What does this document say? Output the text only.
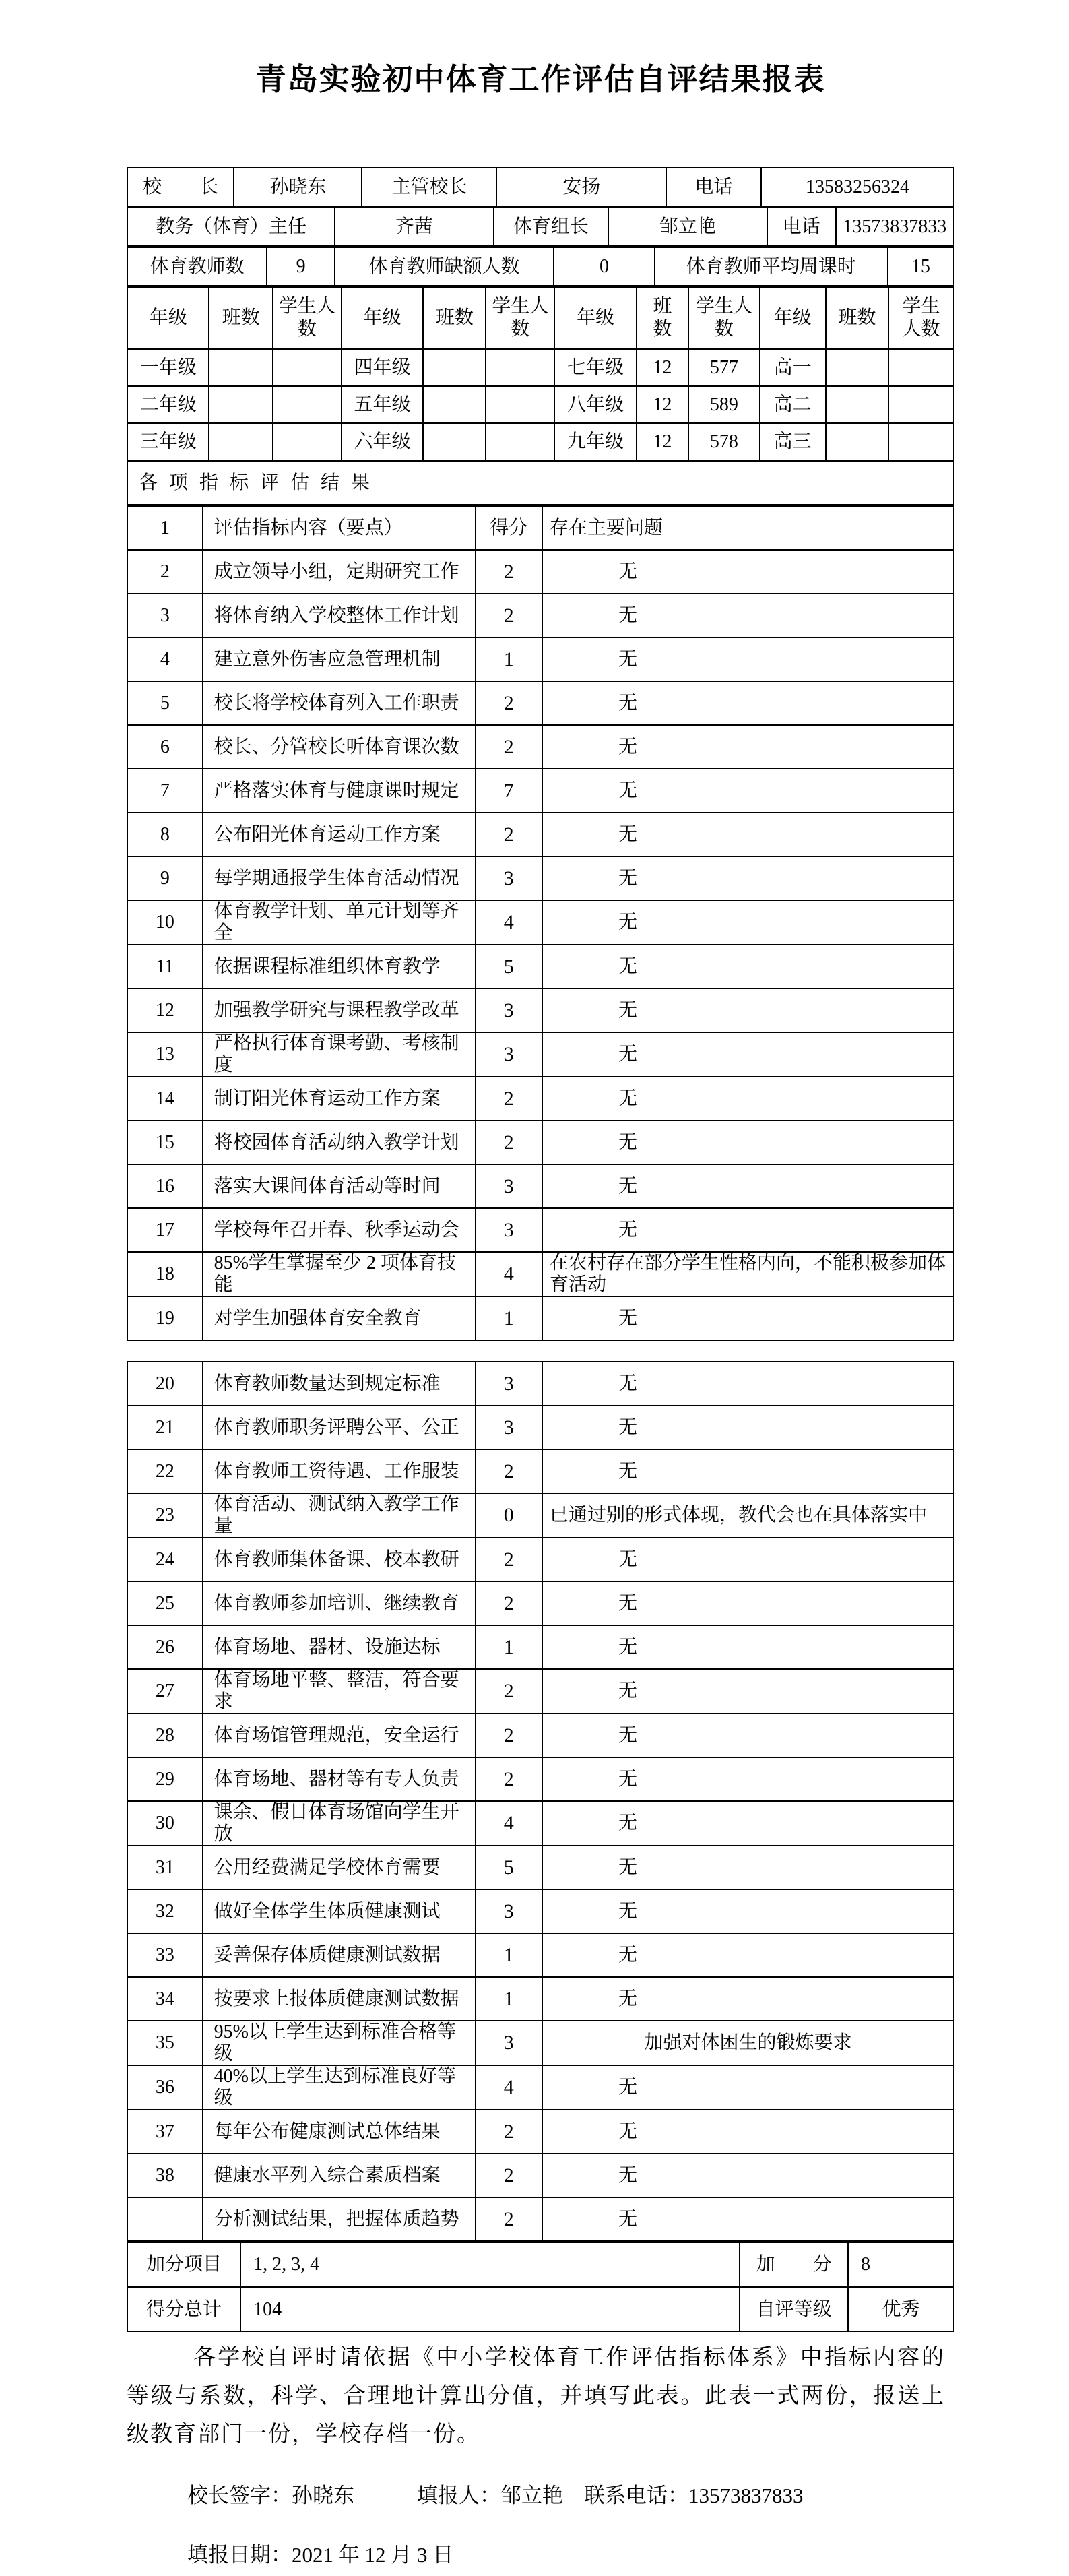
青岛实验初中体育工作评估自评结果报表
校　　长	孙晓东	主管校长	安扬	电话	13583256324
教务（体育）主任	齐茜	体育组长	邹立艳	电话	13573837833
体育教师数	9	体育教师缺额人数	0	体育教师平均周课时	15
年级	班数	学生人数	年级	班数	学生人数	年级	班数	学生人数	年级	班数	学生人数
一年级			四年级			七年级	12	577	高一		
二年级			五年级			八年级	12	589	高二		
三年级			六年级			九年级	12	578	高三		
各项指标评估结果
1	评估指标内容（要点）	得分	存在主要问题
2	成立领导小组，定期研究工作	2	无
3	将体育纳入学校整体工作计划	2	无
4	建立意外伤害应急管理机制	1	无
5	校长将学校体育列入工作职责	2	无
6	校长、分管校长听体育课次数	2	无
7	严格落实体育与健康课时规定	7	无
8	公布阳光体育运动工作方案	2	无
9	每学期通报学生体育活动情况	3	无
10	体育教学计划、单元计划等齐全	4	无
11	依据课程标准组织体育教学	5	无
12	加强教学研究与课程教学改革	3	无
13	严格执行体育课考勤、考核制度	3	无
14	制订阳光体育运动工作方案	2	无
15	将校园体育活动纳入教学计划	2	无
16	落实大课间体育活动等时间	3	无
17	学校每年召开春、秋季运动会	3	无
18	85%学生掌握至少 2 项体育技能	4	在农村存在部分学生性格内向，不能积极参加体育活动
19	对学生加强体育安全教育	1	无
20	体育教师数量达到规定标准	3	无
21	体育教师职务评聘公平、公正	3	无
22	体育教师工资待遇、工作服装	2	无
23	体育活动、测试纳入教学工作量	0	已通过别的形式体现，教代会也在具体落实中
24	体育教师集体备课、校本教研	2	无
25	体育教师参加培训、继续教育	2	无
26	体育场地、器材、设施达标	1	无
27	体育场地平整、整洁，符合要求	2	无
28	体育场馆管理规范，安全运行	2	无
29	体育场地、器材等有专人负责	2	无
30	课余、假日体育场馆向学生开放	4	无
31	公用经费满足学校体育需要	5	无
32	做好全体学生体质健康测试	3	无
33	妥善保存体质健康测试数据	1	无
34	按要求上报体质健康测试数据	1	无
35	95%以上学生达到标准合格等级	3	加强对体困生的锻炼要求
36	40%以上学生达到标准良好等级	4	无
37	每年公布健康测试总体结果	2	无
38	健康水平列入综合素质档案	2	无
	分析测试结果，把握体质趋势	2	无
加分项目	1, 2, 3, 4	加　　分	8
得分总计	104	自评等级	优秀

各学校自评时请依据《中小学校体育工作评估指标体系》中指标内容的等级与系数，科学、合理地计算出分值，并填写此表。此表一式两份，报送上级教育部门一份，学校存档一份。

校长签字：孙晓东　　　填报人：邹立艳　联系电话：13573837833

填报日期：2021 年 12 月 3 日
